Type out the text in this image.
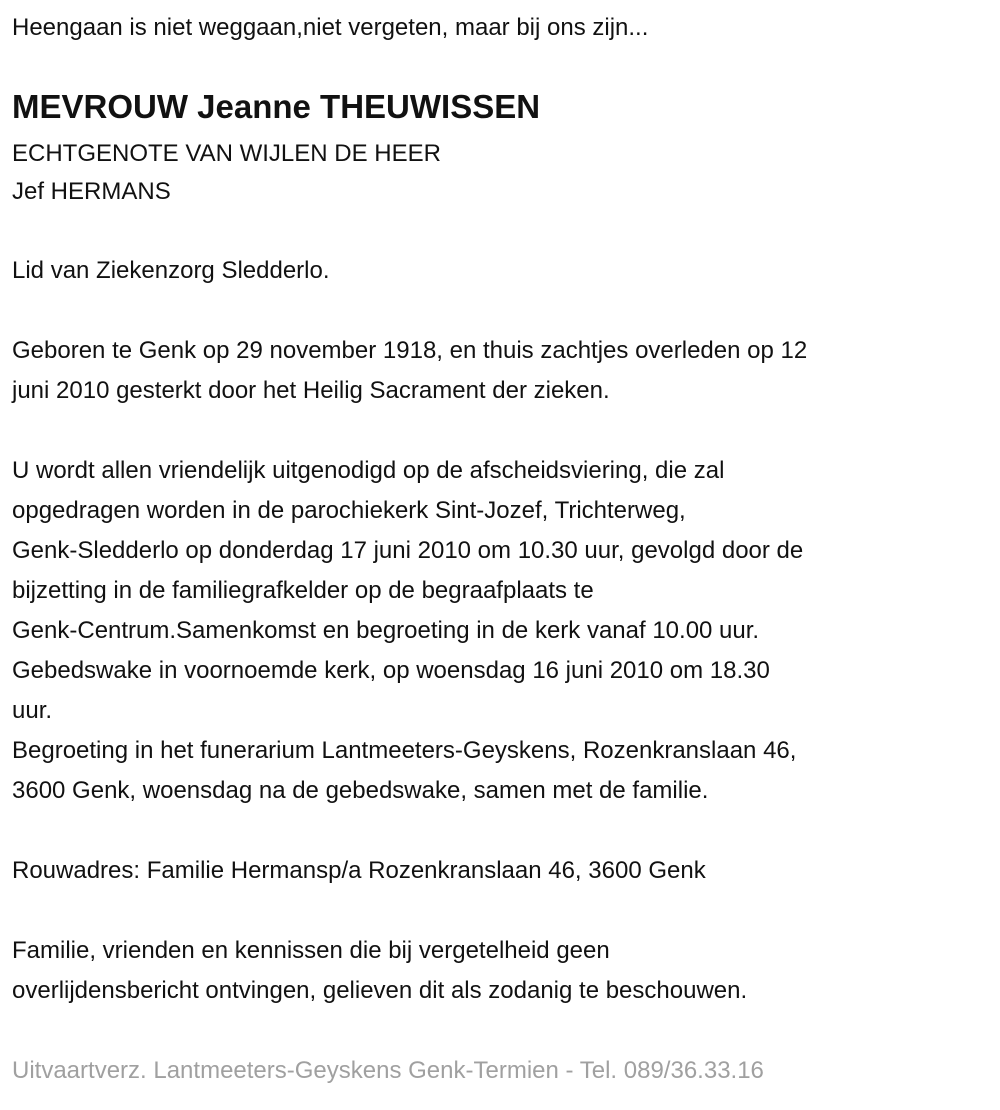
Heengaan is niet weggaan,niet vergeten, maar bij ons zijn...
MEVROUW Jeanne THEUWISSEN
ECHTGENOTE VAN WIJLEN DE HEER
Jef HERMANS
Lid van Ziekenzorg Sledderlo.
Geboren te Genk op 29 november 1918, en thuis zachtjes overleden op 12
juni 2010 gesterkt door het Heilig Sacrament der zieken.
U wordt allen vriendelijk uitgenodigd op de afscheidsviering, die zal
opgedragen worden in de parochiekerk Sint-Jozef, Trichterweg,
Genk-Sledderlo op donderdag 17 juni 2010 om 10.30 uur, gevolgd door de
bijzetting in de familiegrafkelder op de begraafplaats te
Genk-Centrum.Samenkomst en begroeting in de kerk vanaf 10.00 uur.
Gebedswake in voornoemde kerk, op woensdag 16 juni 2010 om 18.30
uur.
Begroeting in het funerarium Lantmeeters-Geyskens, Rozenkranslaan 46,
3600 Genk, woensdag na de gebedswake, samen met de familie.
Rouwadres: Familie Hermansp/a Rozenkranslaan 46, 3600 Genk
Familie, vrienden en kennissen die bij vergetelheid geen
overlijdensbericht ontvingen, gelieven dit als zodanig te beschouwen.
Uitvaartverz. Lantmeeters-Geyskens Genk-Termien - Tel. 089/36.33.16
